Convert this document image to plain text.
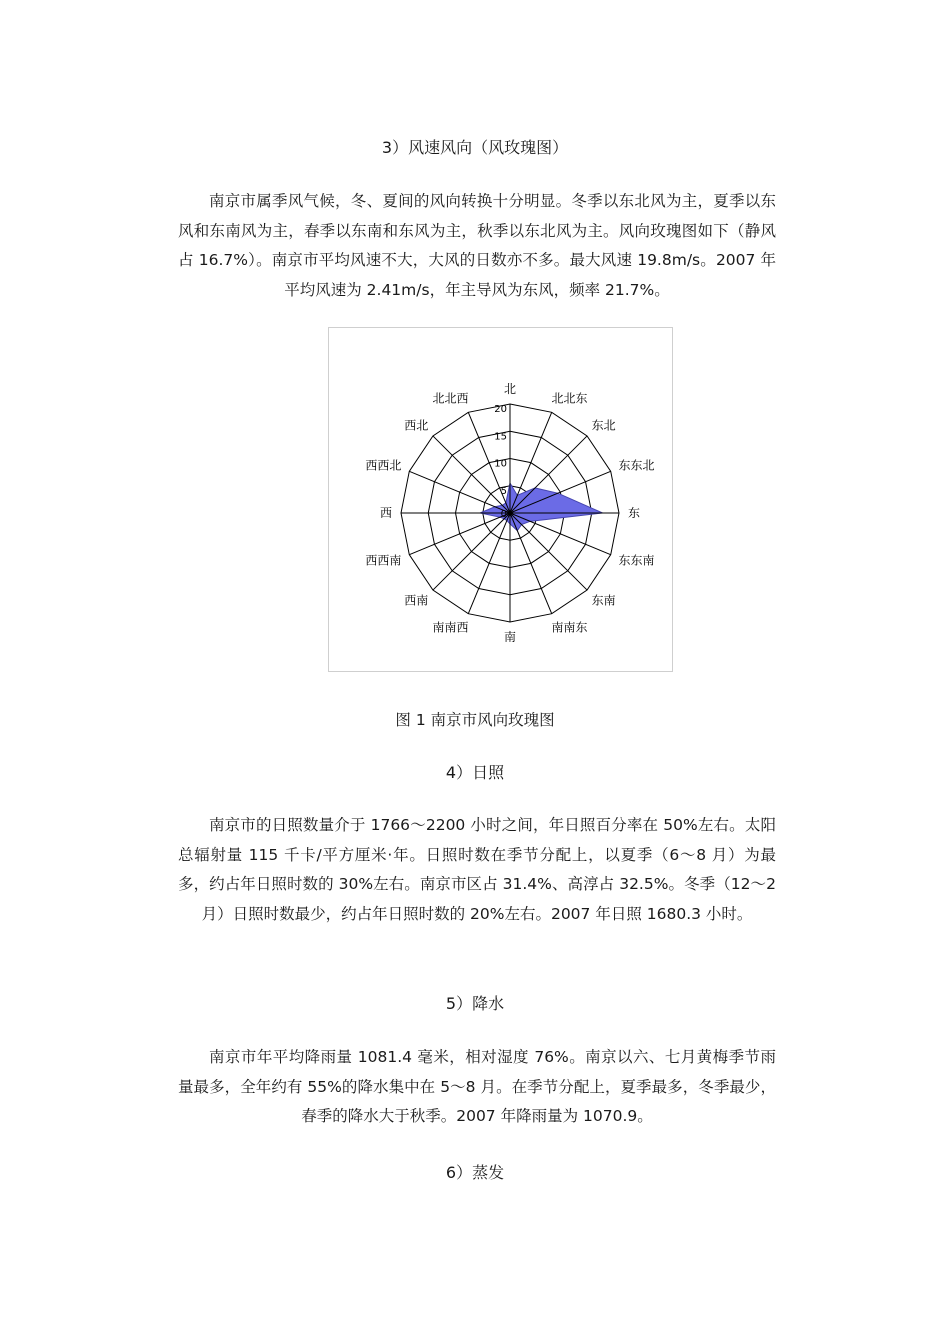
3）风速风向（风玫瑰图）
南京市属季风气候，冬、夏间的风向转换十分明显。冬季以东北风为主，夏季以东风和东南风为主，春季以东南和东风为主，秋季以东北风为主。风向玫瑰图如下（静风占 16.7%）。南京市平均风速不大，大风的日数亦不多。最大风速 19.8m/s。2007 年平均风速为 2.41m/s，年主导风为东风，频率 21.7%。
北
北北东
东北
东东北
东
东东南
东南
南南东
南
南南西
西南
西西南
西
西西北
西北
北北西
0
5
10
15
20
图 1 南京市风向玫瑰图
4）日照
南京市的日照数量介于 1766～2200 小时之间，年日照百分率在 50%左右。太阳总辐射量 115 千卡/平方厘米·年。日照时数在季节分配上，以夏季（6～8 月）为最多，约占年日照时数的 30%左右。南京市区占 31.4%、高淳占 32.5%。冬季（12～2 月）日照时数最少，约占年日照时数的 20%左右。2007 年日照 1680.3 小时。
5）降水
南京市年平均降雨量 1081.4 毫米，相对湿度 76%。南京以六、七月黄梅季节雨量最多，全年约有 55%的降水集中在 5～8 月。在季节分配上，夏季最多，冬季最少，春季的降水大于秋季。2007 年降雨量为 1070.9。
6）蒸发
